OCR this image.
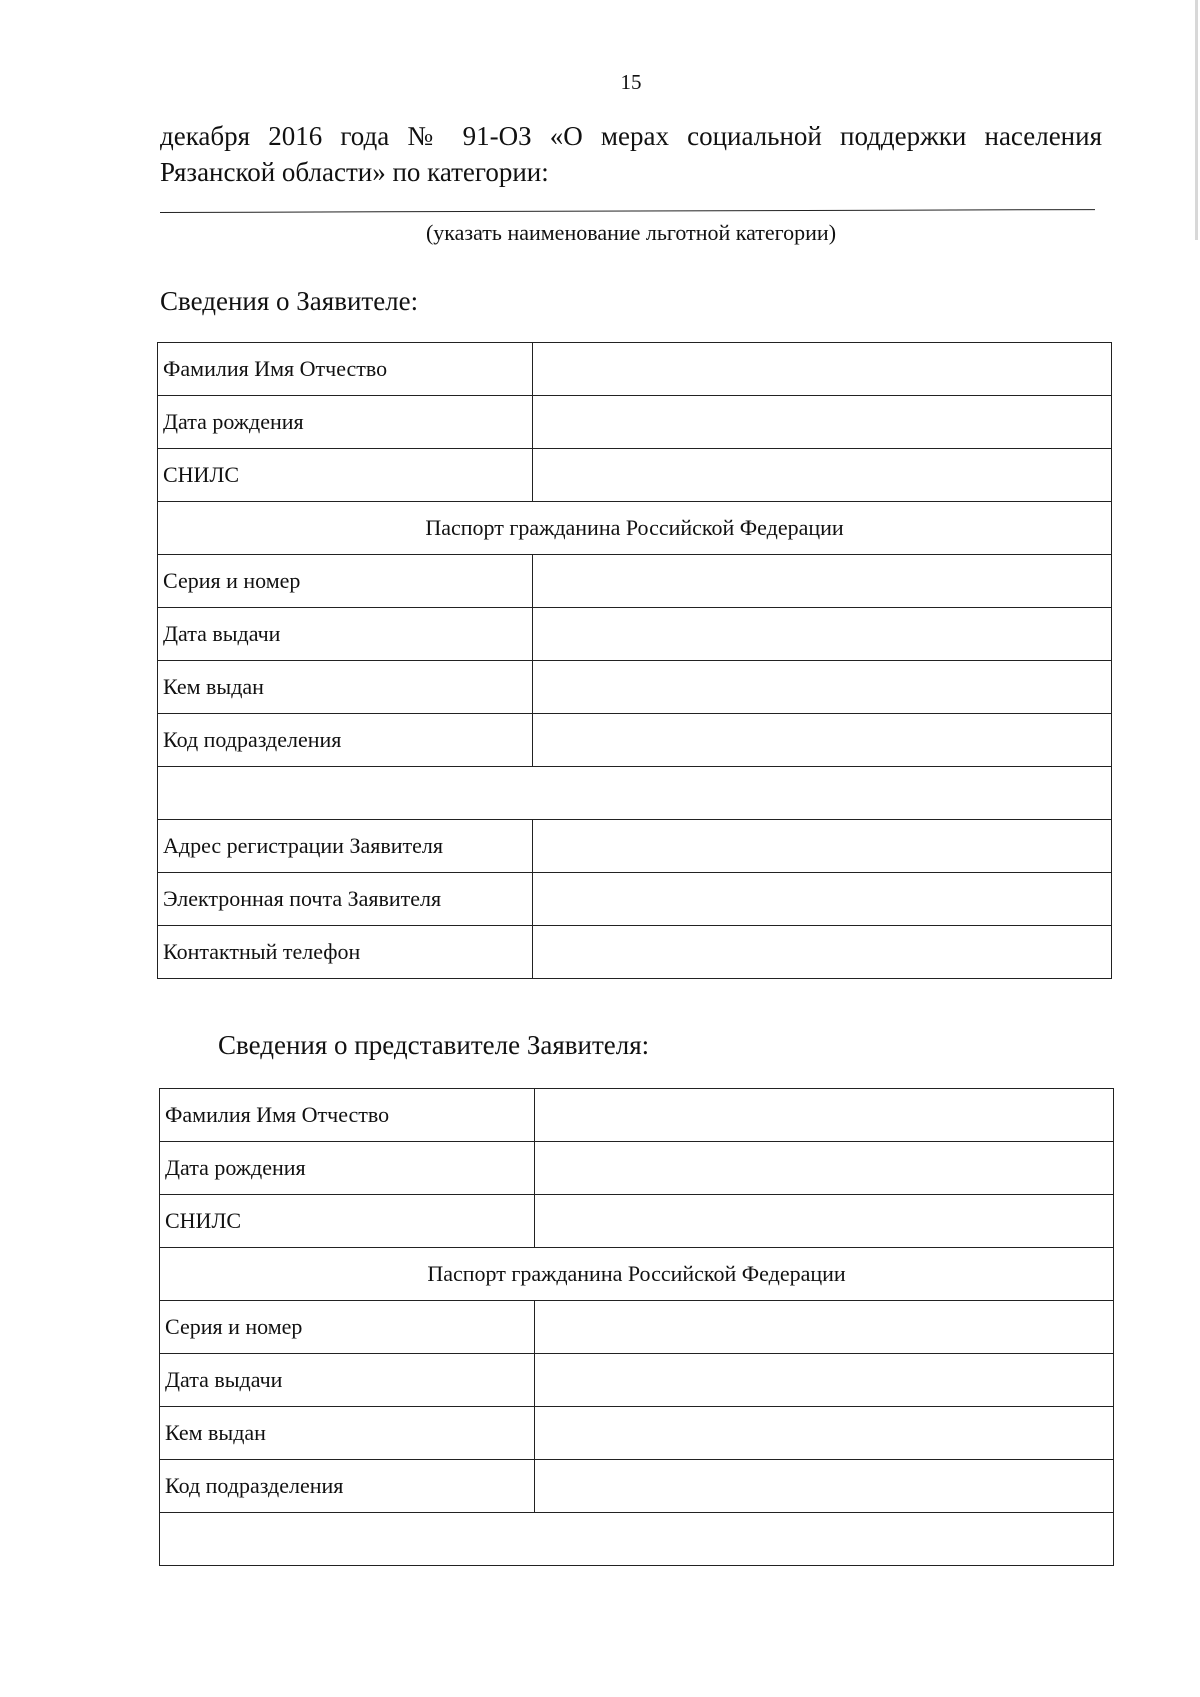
15
декабря 2016 года № 91-ОЗ «О мерах социальной поддержки населения
Рязанской области» по категории:
(указать наименование льготной категории)
Сведения о Заявителе:
Фамилия Имя Отчество	
Дата рождения	
СНИЛС	
Паспорт гражданина Российской Федерации	
Серия и номер	
Дата выдачи	
Кем выдан	
Код подразделения	

Адрес регистрации Заявителя	
Электронная почта Заявителя	
Контактный телефон	
Сведения о представителе Заявителя:
Фамилия Имя Отчество	
Дата рождения	
СНИЛС	
Паспорт гражданина Российской Федерации	
Серия и номер	
Дата выдачи	
Кем выдан	
Код подразделения	
